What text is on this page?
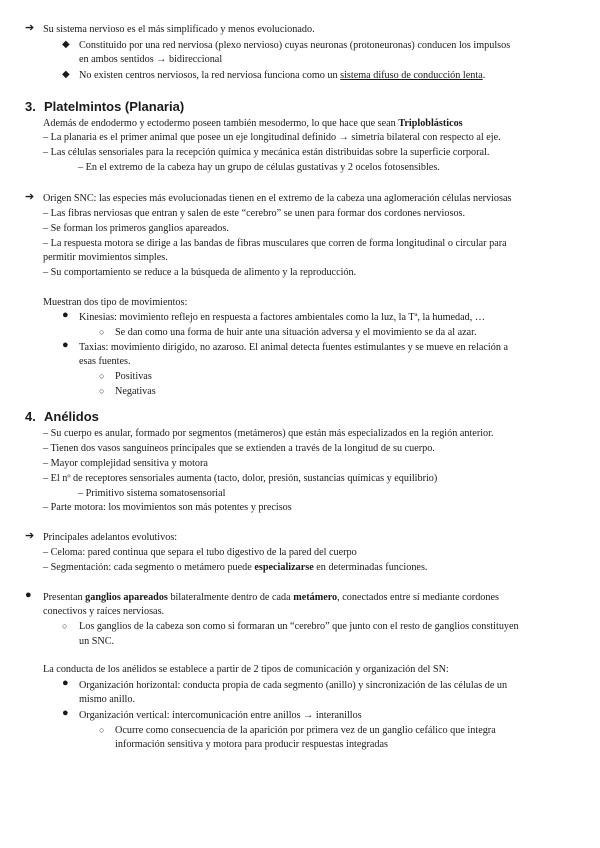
➔ Su sistema nervioso es el más simplificado y menos evolucionado.
◆ Constituido por una red nerviosa (plexo nervioso) cuyas neuronas (protoneuronas) conducen los impulsos
en ambos sentidos → bidireccional
◆ No existen centros nerviosos, la red nerviosa funciona como un sistema difuso de conducción lenta.
3. Platelmintos (Planaria)
Además de endodermo y ectodermo poseen también mesodermo, lo que hace que sean Triploblásticos
– La planaria es el primer animal que posee un eje longitudinal definido → simetría bilateral con respecto al eje.
– Las células sensoriales para la recepción química y mecánica están distribuidas sobre la superficie corporal.
– En el extremo de la cabeza hay un grupo de células gustativas y 2 ocelos fotosensibles.
➔ Origen SNC: las especies más evolucionadas tienen en el extremo de la cabeza una aglomeración células nerviosas
– Las fibras nerviosas que entran y salen de este “cerebro” se unen para formar dos cordones nerviosos.
– Se forman los primeros ganglios apareados.
– La respuesta motora se dirige a las bandas de fibras musculares que corren de forma longitudinal o circular para
permitir movimientos simples.
– Su comportamiento se reduce a la búsqueda de alimento y la reproducción.
Muestran dos tipo de movimientos:
● Kinesias: movimiento reflejo en respuesta a factores ambientales como la luz, la Tª, la humedad, …
○ Se dan como una forma de huir ante una situación adversa y el movimiento se da al azar.
● Taxias: movimiento dirigido, no azaroso. El animal detecta fuentes estimulantes y se mueve en relación a
esas fuentes.
○ Positivas
○ Negativas
4. Anélidos
– Su cuerpo es anular, formado por segmentos (metámeros) que están más especializados en la región anterior.
– Tienen dos vasos sanguíneos principales que se extienden a través de la longitud de su cuerpo.
– Mayor complejidad sensitiva y motora
– El nº de receptores sensoriales aumenta (tacto, dolor, presión, sustancias químicas y equilibrio)
– Primitivo sistema somatosensorial
– Parte motora: los movimientos son más potentes y precisos
➔ Principales adelantos evolutivos:
– Celoma: pared continua que separa el tubo digestivo de la pared del cuerpo
– Segmentación: cada segmento o metámero puede especializarse en determinadas funciones.
● Presentan ganglios apareados bilateralmente dentro de cada metámero, conectados entre sí mediante cordones
conectivos y raíces nerviosas.
○ Los ganglios de la cabeza son como si formaran un “cerebro” que junto con el resto de ganglios constituyen
un SNC.
La conducta de los anélidos se establece a partir de 2 tipos de comunicación y organización del SN:
● Organización horizontal: conducta propia de cada segmento (anillo) y sincronización de las células de un
mismo anillo.
● Organización vertical: intercomunicación entre anillos → interanillos
○ Ocurre como consecuencia de la aparición por primera vez de un ganglio cefálico que integra
información sensitiva y motora para producir respuestas integradas
